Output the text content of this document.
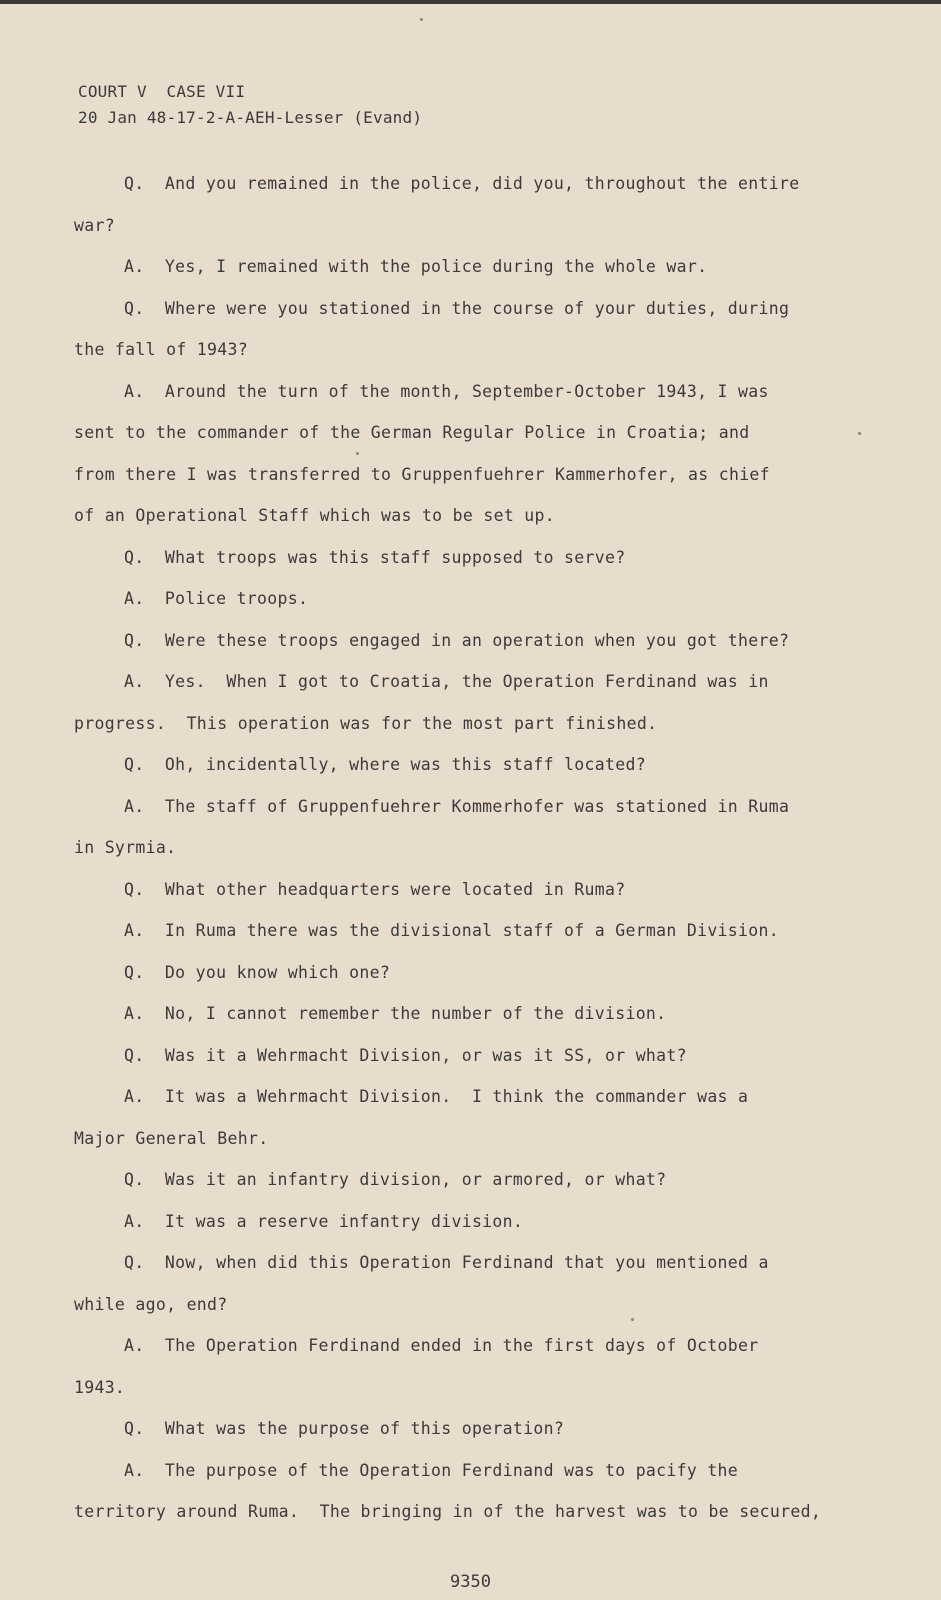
COURT V  CASE VII
20 Jan 48-17-2-A-AEH-Lesser (Evand)
Q.  And you remained in the police, did you, throughout the entire
war?
A.  Yes, I remained with the police during the whole war.
Q.  Where were you stationed in the course of your duties, during
the fall of 1943?
A.  Around the turn of the month, September-October 1943, I was
sent to the commander of the German Regular Police in Croatia; and
from there I was transferred to Gruppenfuehrer Kammerhofer, as chief
of an Operational Staff which was to be set up.
Q.  What troops was this staff supposed to serve?
A.  Police troops.
Q.  Were these troops engaged in an operation when you got there?
A.  Yes.  When I got to Croatia, the Operation Ferdinand was in
progress.  This operation was for the most part finished.
Q.  Oh, incidentally, where was this staff located?
A.  The staff of Gruppenfuehrer Kommerhofer was stationed in Ruma
in Syrmia.
Q.  What other headquarters were located in Ruma?
A.  In Ruma there was the divisional staff of a German Division.
Q.  Do you know which one?
A.  No, I cannot remember the number of the division.
Q.  Was it a Wehrmacht Division, or was it SS, or what?
A.  It was a Wehrmacht Division.  I think the commander was a
Major General Behr.
Q.  Was it an infantry division, or armored, or what?
A.  It was a reserve infantry division.
Q.  Now, when did this Operation Ferdinand that you mentioned a
while ago, end?
A.  The Operation Ferdinand ended in the first days of October
1943.
Q.  What was the purpose of this operation?
A.  The purpose of the Operation Ferdinand was to pacify the
territory around Ruma.  The bringing in of the harvest was to be secured,
9350
